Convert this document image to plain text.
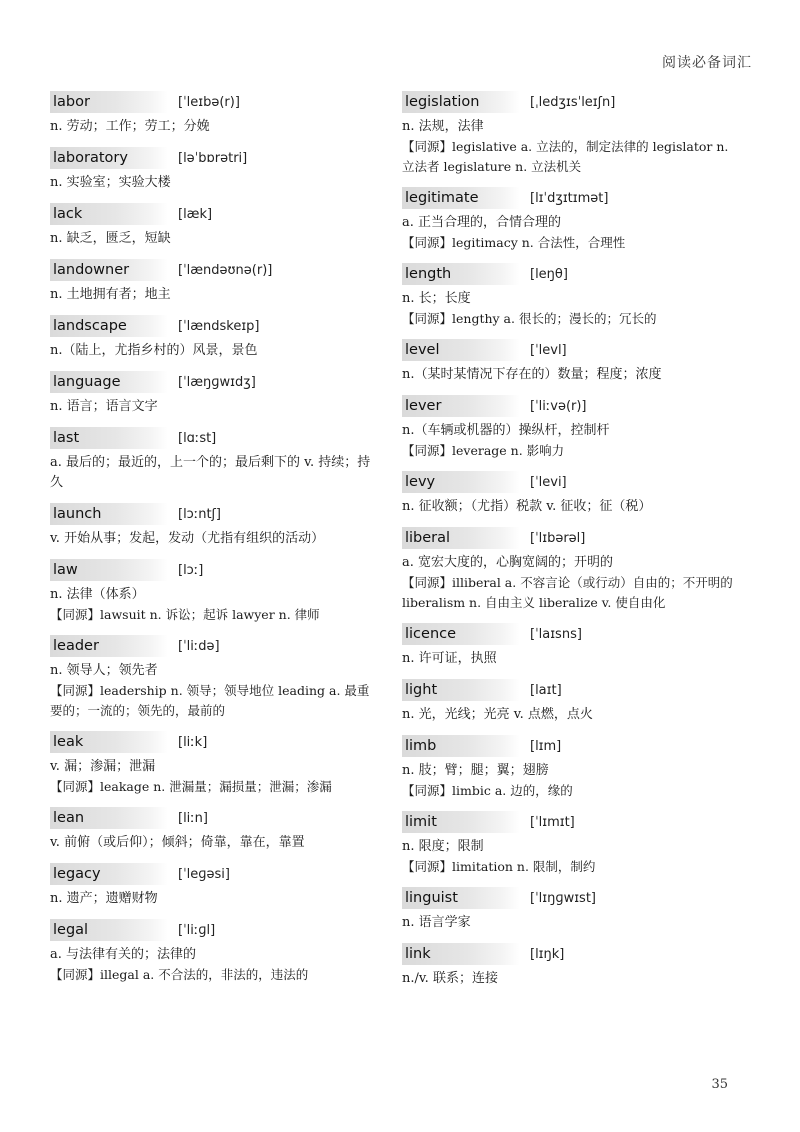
阅读必备词汇
labor	[ˈleɪbə(r)]
n. 劳动；工作；劳工；分娩
laboratory	[ləˈbɒrətri]
n. 实验室；实验大楼
lack	[læk]
n. 缺乏，匮乏，短缺
landowner	[ˈlændəʊnə(r)]
n. 土地拥有者；地主
landscape	[ˈlændskeɪp]
n.（陆上，尤指乡村的）风景，景色
language	[ˈlæŋɡwɪdʒ]
n. 语言；语言文字
last	[lɑːst]
a. 最后的；最近的，上一个的；最后剩下的 v. 持续；持久
launch	[lɔːntʃ]
v. 开始从事；发起，发动（尤指有组织的活动）
law	[lɔː]
n. 法律（体系）
【同源】lawsuit n. 诉讼；起诉 lawyer n. 律师
leader	[ˈliːdə]
n. 领导人；领先者
【同源】leadership n. 领导；领导地位 leading a. 最重要的；一流的；领先的，最前的
leak	[liːk]
v. 漏；渗漏；泄漏
【同源】leakage n. 泄漏量；漏损量；泄漏；渗漏
lean	[liːn]
v. 前俯（或后仰）；倾斜；倚靠，靠在，靠置
legacy	[ˈleɡəsi]
n. 遗产；遗赠财物
legal	[ˈliːɡl]
a. 与法律有关的；法律的
【同源】illegal a. 不合法的，非法的，违法的
legislation	[ˌledʒɪsˈleɪʃn]
n. 法规，法律
【同源】legislative a. 立法的，制定法律的 legislator n. 立法者 legislature n. 立法机关
legitimate	[lɪˈdʒɪtɪmət]
a. 正当合理的，合情合理的
【同源】legitimacy n. 合法性，合理性
length	[leŋθ]
n. 长；长度
【同源】lengthy a. 很长的；漫长的；冗长的
level	[ˈlevl]
n.（某时某情况下存在的）数量；程度；浓度
lever	[ˈliːvə(r)]
n.（车辆或机器的）操纵杆，控制杆
【同源】leverage n. 影响力
levy	[ˈlevi]
n. 征收额；（尤指）税款 v. 征收；征（税）
liberal	[ˈlɪbərəl]
a. 宽宏大度的，心胸宽阔的；开明的
【同源】illiberal a. 不容言论（或行动）自由的；不开明的 liberalism n. 自由主义 liberalize v. 使自由化
licence	[ˈlaɪsns]
n. 许可证，执照
light	[laɪt]
n. 光，光线；光亮 v. 点燃，点火
limb	[lɪm]
n. 肢；臂；腿；翼；翅膀
【同源】limbic a. 边的，缘的
limit	[ˈlɪmɪt]
n. 限度；限制
【同源】limitation n. 限制，制约
linguist	[ˈlɪŋɡwɪst]
n. 语言学家
link	[lɪŋk]
n./v. 联系；连接
35
